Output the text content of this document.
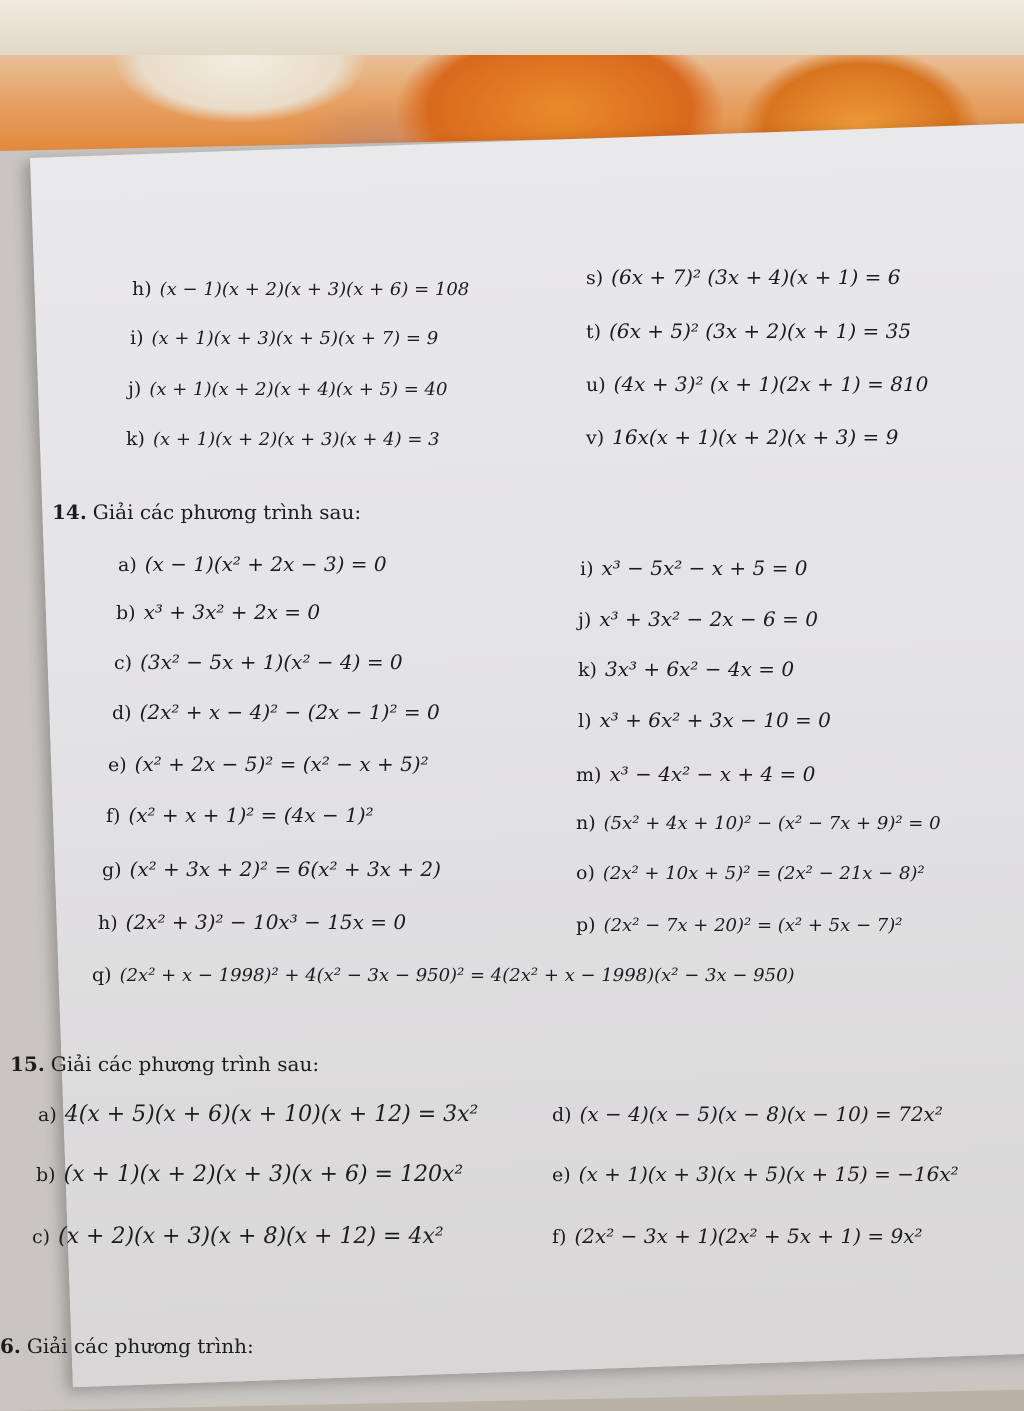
h) (x − 1)(x + 2)(x + 3)(x + 6) = 108
i) (x + 1)(x + 3)(x + 5)(x + 7) = 9
j) (x + 1)(x + 2)(x + 4)(x + 5) = 40
k) (x + 1)(x + 2)(x + 3)(x + 4) = 3
s) (6x + 7)² (3x + 4)(x + 1) = 6
t) (6x + 5)² (3x + 2)(x + 1) = 35
u) (4x + 3)² (x + 1)(2x + 1) = 810
v) 16x(x + 1)(x + 2)(x + 3) = 9
14. Giải các phương trình sau:
a) (x − 1)(x² + 2x − 3) = 0
b) x³ + 3x² + 2x = 0
c) (3x² − 5x + 1)(x² − 4) = 0
d) (2x² + x − 4)² − (2x − 1)² = 0
e) (x² + 2x − 5)² = (x² − x + 5)²
f) (x² + x + 1)² = (4x − 1)²
g) (x² + 3x + 2)² = 6(x² + 3x + 2)
h) (2x² + 3)² − 10x³ − 15x = 0
i) x³ − 5x² − x + 5 = 0
j) x³ + 3x² − 2x − 6 = 0
k) 3x³ + 6x² − 4x = 0
l) x³ + 6x² + 3x − 10 = 0
m) x³ − 4x² − x + 4 = 0
n) (5x² + 4x + 10)² − (x² − 7x + 9)² = 0
o) (2x² + 10x + 5)² = (2x² − 21x − 8)²
p) (2x² − 7x + 20)² = (x² + 5x − 7)²
q) (2x² + x − 1998)² + 4(x² − 3x − 950)² = 4(2x² + x − 1998)(x² − 3x − 950)
15. Giải các phương trình sau:
a) 4(x + 5)(x + 6)(x + 10)(x + 12) = 3x²
b) (x + 1)(x + 2)(x + 3)(x + 6) = 120x²
c) (x + 2)(x + 3)(x + 8)(x + 12) = 4x²
d) (x − 4)(x − 5)(x − 8)(x − 10) = 72x²
e) (x + 1)(x + 3)(x + 5)(x + 15) = −16x²
f) (2x² − 3x + 1)(2x² + 5x + 1) = 9x²
6. Giải các phương trình:
